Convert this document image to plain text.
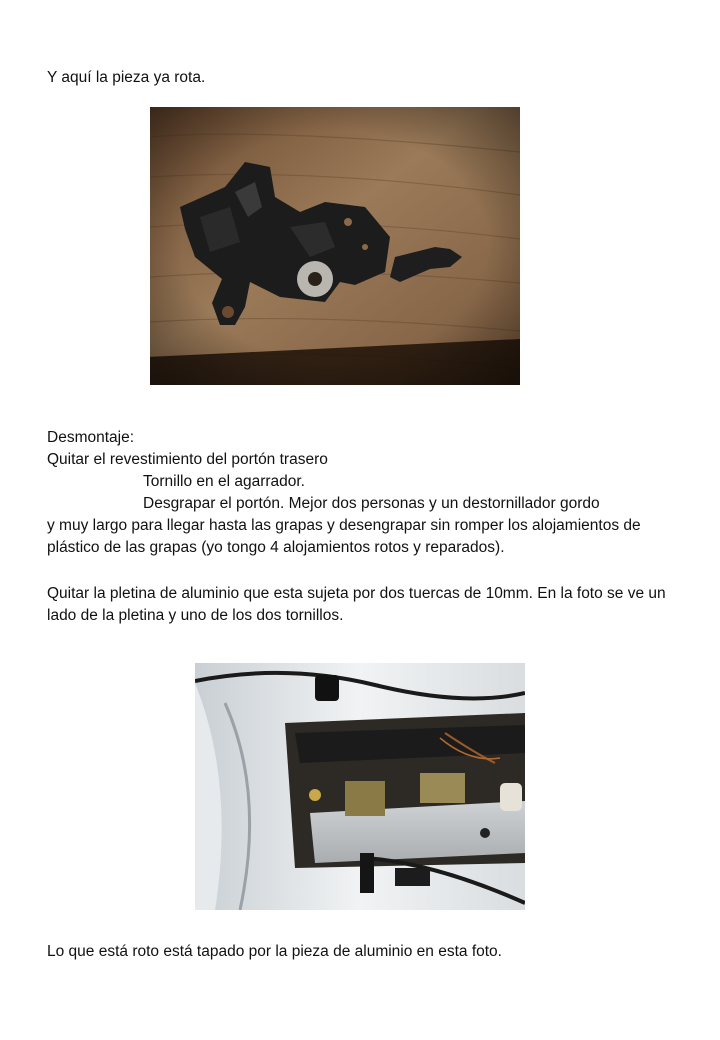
Y aquí la pieza ya rota.
Desmontaje:
Quitar el revestimiento del portón trasero
Tornillo en el agarrador.
Desgrapar el portón. Mejor dos personas y un destornillador gordo
y muy largo para llegar hasta las grapas y desengrapar sin romper los alojamientos de plástico de las grapas (yo tongo 4 alojamientos rotos y reparados).
Quitar la pletina de aluminio que esta sujeta por dos tuercas de 10mm. En la foto se ve un lado de la pletina y uno de los dos tornillos.
Lo que está roto está tapado por la pieza de aluminio en esta foto.
